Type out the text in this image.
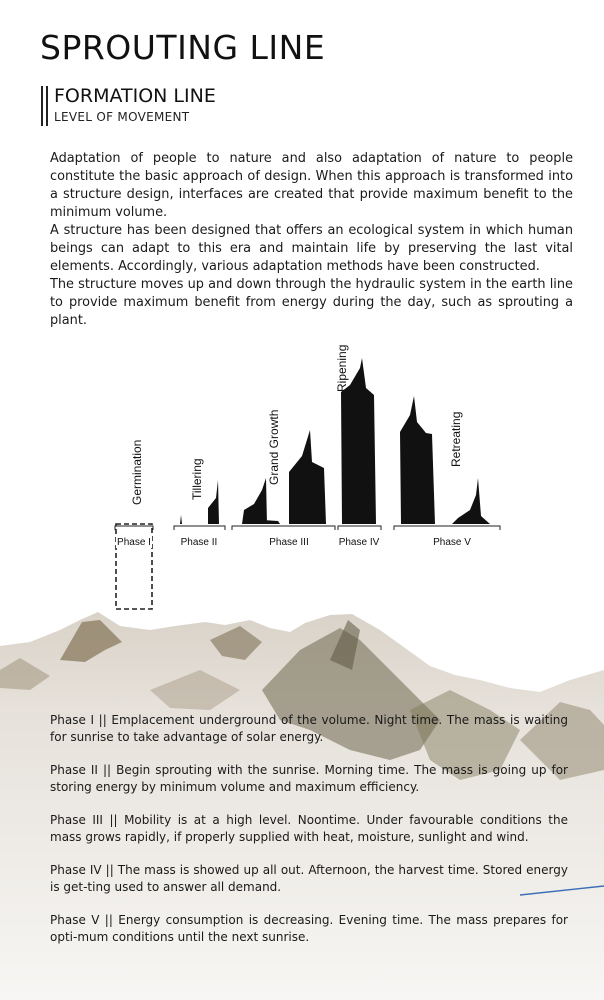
SPROUTING LINE
FORMATION LINE
LEVEL OF MOVEMENT

Adaptation of people to nature and also adaptation of nature to people constitute the basic approach of design. When this approach is transformed into a structure design, interfaces are created that provide maximum benefit to the minimum volume.

A structure has been designed that offers an ecological system in which human beings can adapt to this era and maintain life by preserving the last vital elements. Accordingly, various adaptation methods have been constructed.

The structure moves up and down through the hydraulic system in the earth line to provide maximum benefit from energy during the day, such as sprouting a plant.

Germination	Tillering	Grand Growth
Ripening
Retreating
Phase I	Phase II	Phase III	Phase IV	Phase V

Phase I || Emplacement underground of the volume. Night time. The mass is waiting for sunrise to take advantage of solar energy.

Phase II || Begin sprouting with the sunrise. Morning time. The mass is going up for storing energy by minimum volume and maximum efficiency.

Phase III || Mobility is at a high level. Noontime. Under favourable conditions the mass grows rapidly, if properly supplied with heat, moisture, sunlight and wind.

Phase IV || The mass is showed up all out. Afternoon, the harvest time. Stored energy is get-ting used to answer all demand.

Phase V || Energy consumption is decreasing. Evening time. The mass prepares for opti-mum conditions until the next sunrise.
